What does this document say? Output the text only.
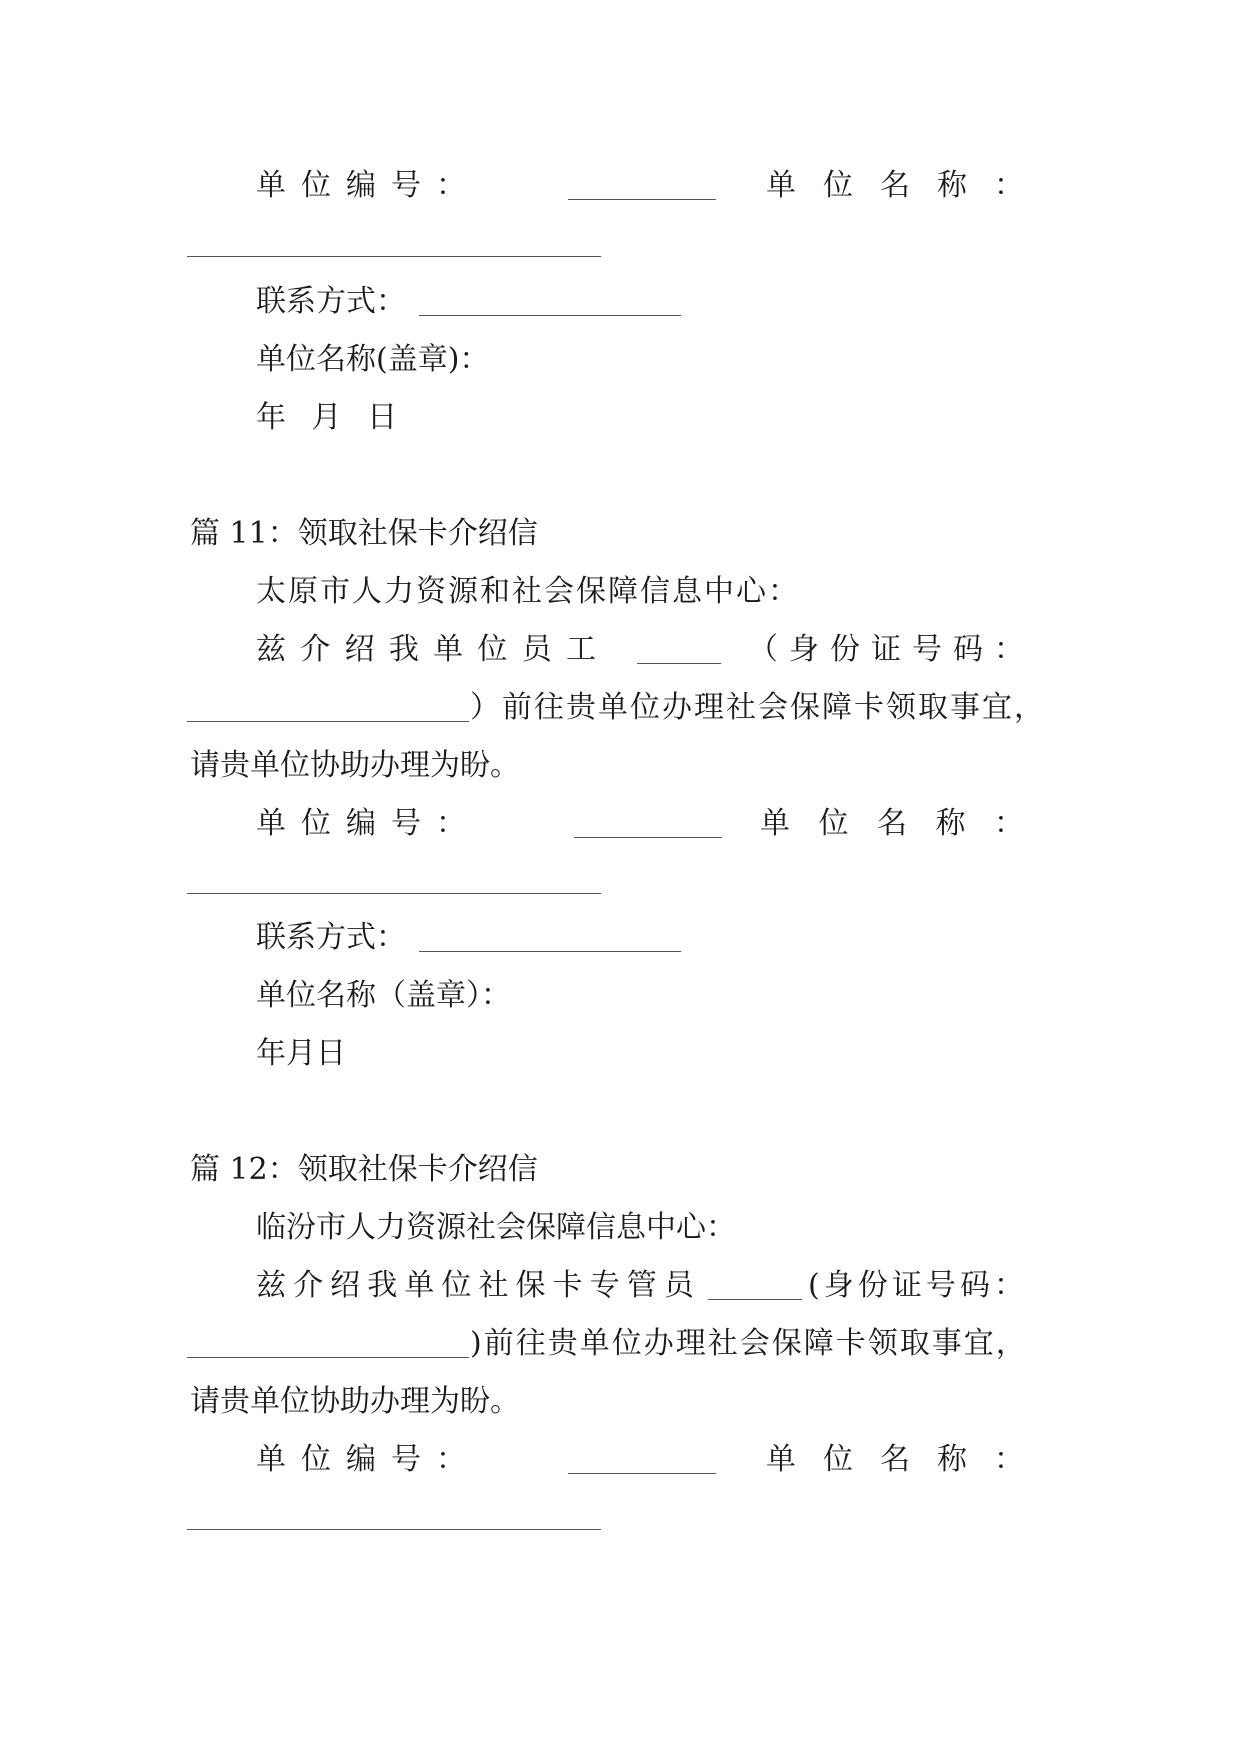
单 位 编 号 ：	单 位 名 称 ：
联系方式：
单位名称(盖章)：
年 月 日
篇 11：领取社保卡介绍信
太原市人力资源和社会保障信息中心：
兹 介 绍 我 单 位 员 工	（ 身 份 证 号 码 ：
）前往贵单位办理社会保障卡领取事宜，
请贵单位协助办理为盼。
单 位 编 号 ：	单 位 名 称 ：
联系方式：
单位名称（盖章）：
年月日
篇 12：领取社保卡介绍信
临汾市人力资源社会保障信息中心：
兹 介 绍 我 单 位 社 保 卡 专 管 员	( 身 份 证 号 码 ：
)前往贵单位办理社会保障卡领取事宜，
请贵单位协助办理为盼。
单 位 编 号 ：	单 位 名 称 ：
